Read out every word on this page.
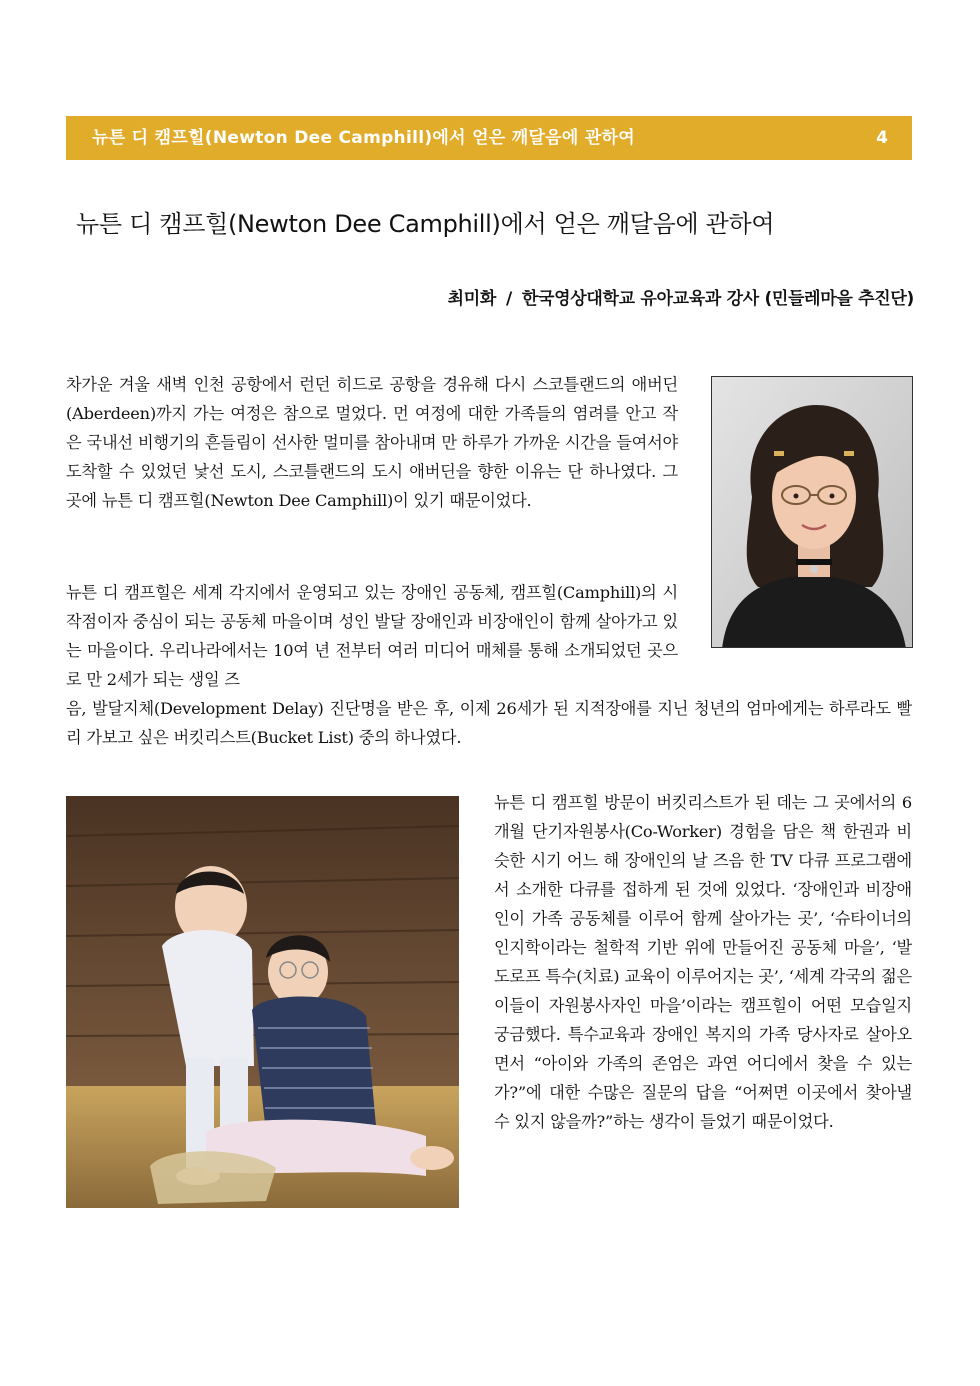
뉴튼 디 캠프힐(Newton Dee Camphill)에서 얻은 깨달음에 관하여	4
뉴튼 디 캠프힐(Newton Dee Camphill)에서 얻은 깨달음에 관하여
최미화 / 한국영상대학교 유아교육과 강사 (민들레마을 추진단)

차가운 겨울 새벽 인천 공항에서 런던 히드로 공항을 경유해 다시 스코틀랜드의 애버딘(Aberdeen)까지 가는 여정은 참으로 멀었다. 먼 여정에 대한 가족들의 염려를 안고 작은 국내선 비행기의 흔들림이 선사한 멀미를 참아내며 만 하루가 가까운 시간을 들여서야 도착할 수 있었던 낯선 도시, 스코틀랜드의 도시 애버딘을 향한 이유는 단 하나였다. 그 곳에 뉴튼 디 캠프힐(Newton Dee Camphill)이 있기 때문이었다.

뉴튼 디 캠프힐은 세계 각지에서 운영되고 있는 장애인 공동체, 캠프힐(Camphill)의 시작점이자 중심이 되는 공동체 마을이며 성인 발달 장애인과 비장애인이 함께 살아가고 있는 마을이다. 우리나라에서는 10여 년 전부터 여러 미디어 매체를 통해 소개되었던 곳으로 만 2세가 되는 생일 즈

음, 발달지체(Development Delay) 진단명을 받은 후, 이제 26세가 된 지적장애를 지닌 청년의 엄마에게는 하루라도 빨리 가보고 싶은 버킷리스트(Bucket List) 중의 하나였다.

뉴튼 디 캠프힐 방문이 버킷리스트가 된 데는 그 곳에서의 6개월 단기자원봉사(Co-Worker) 경험을 담은 책 한권과 비슷한 시기 어느 해 장애인의 날 즈음 한 TV 다큐 프로그램에서 소개한 다큐를 접하게 된 것에 있었다. ‘장애인과 비장애인이 가족 공동체를 이루어 함께 살아가는 곳’, ‘슈타이너의 인지학이라는 철학적 기반 위에 만들어진 공동체 마을’, ‘발도로프 특수(치료) 교육이 이루어지는 곳’, ‘세계 각국의 젊은이들이 자원봉사자인 마을’이라는 캠프힐이 어떤 모습일지 궁금했다. 특수교육과 장애인 복지의 가족 당사자로 살아오면서 “아이와 가족의 존엄은 과연 어디에서 찾을 수 있는가?”에 대한 수많은 질문의 답을 “어쩌면 이곳에서 찾아낼 수 있지 않을까?”하는 생각이 들었기 때문이었다.
